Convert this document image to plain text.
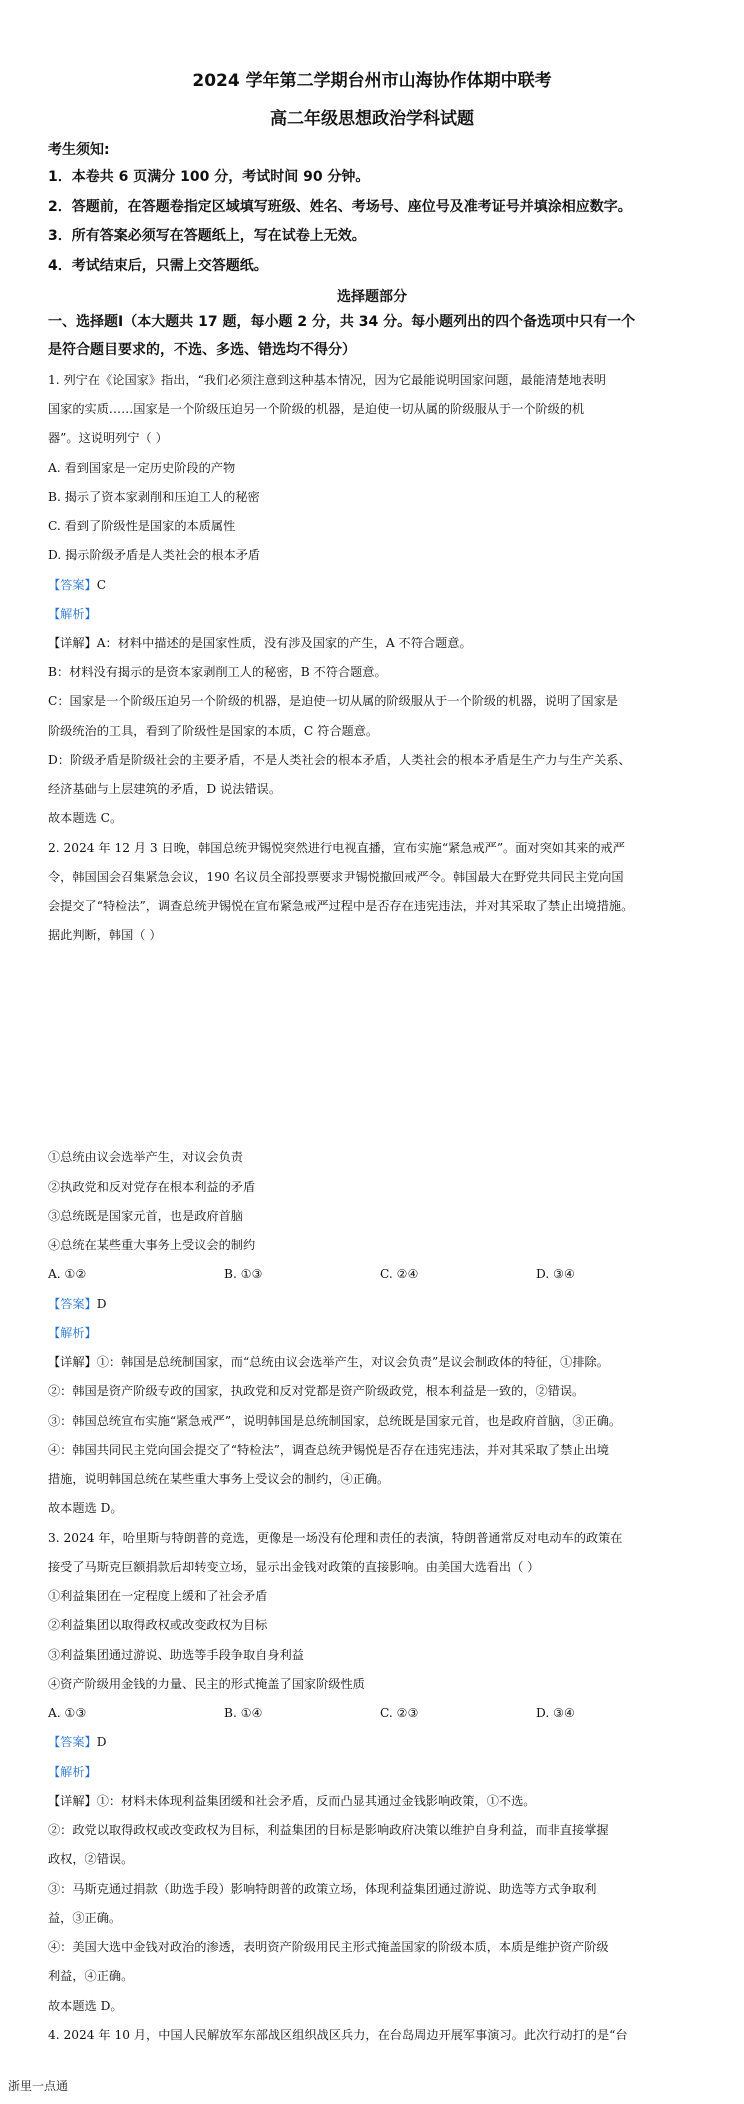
2024 学年第二学期台州市山海协作体期中联考
高二年级思想政治学科试题
考生须知:
1．本卷共 6 页满分 100 分，考试时间 90 分钟。
2．答题前，在答题卷指定区域填写班级、姓名、考场号、座位号及准考证号并填涂相应数字。
3．所有答案必须写在答题纸上，写在试卷上无效。
4．考试结束后，只需上交答题纸。
选择题部分
一、选择题Ⅰ（本大题共 17 题，每小题 2 分，共 34 分。每小题列出的四个备选项中只有一个
是符合题目要求的，不选、多选、错选均不得分）
1. 列宁在《论国家》指出，“我们必须注意到这种基本情况，因为它最能说明国家问题，最能清楚地表明
国家的实质……国家是一个阶级压迫另一个阶级的机器，是迫使一切从属的阶级服从于一个阶级的机
器”。这说明列宁（ ）
A. 看到国家是一定历史阶段的产物
B. 揭示了资本家剥削和压迫工人的秘密
C. 看到了阶级性是国家的本质属性
D. 揭示阶级矛盾是人类社会的根本矛盾
【答案】C
【解析】
【详解】A：材料中描述的是国家性质，没有涉及国家的产生，A 不符合题意。
B：材料没有揭示的是资本家剥削工人的秘密，B 不符合题意。
C：国家是一个阶级压迫另一个阶级的机器，是迫使一切从属的阶级服从于一个阶级的机器，说明了国家是
阶级统治的工具，看到了阶级性是国家的本质，C 符合题意。
D：阶级矛盾是阶级社会的主要矛盾，不是人类社会的根本矛盾，人类社会的根本矛盾是生产力与生产关系、
经济基础与上层建筑的矛盾，D 说法错误。
故本题选 C。
2. 2024 年 12 月 3 日晚，韩国总统尹锡悦突然进行电视直播，宣布实施“紧急戒严”。面对突如其来的戒严
令，韩国国会召集紧急会议，190 名议员全部投票要求尹锡悦撤回戒严令。韩国最大在野党共同民主党向国
会提交了“特检法”，调查总统尹锡悦在宣布紧急戒严过程中是否存在违宪违法，并对其采取了禁止出境措施。
据此判断，韩国（ ）
①总统由议会选举产生，对议会负责
②执政党和反对党存在根本利益的矛盾
③总统既是国家元首，也是政府首脑
④总统在某些重大事务上受议会的制约
A. ①②	B. ①③	C. ②④	D. ③④
【答案】D
【解析】
【详解】①：韩国是总统制国家，而“总统由议会选举产生，对议会负责”是议会制政体的特征，①排除。
②：韩国是资产阶级专政的国家，执政党和反对党都是资产阶级政党，根本利益是一致的，②错误。
③：韩国总统宣布实施“紧急戒严”，说明韩国是总统制国家，总统既是国家元首，也是政府首脑，③正确。
④：韩国共同民主党向国会提交了“特检法”，调查总统尹锡悦是否存在违宪违法，并对其采取了禁止出境
措施，说明韩国总统在某些重大事务上受议会的制约，④正确。
故本题选 D。
3. 2024 年，哈里斯与特朗普的竞选，更像是一场没有伦理和责任的表演，特朗普通常反对电动车的政策在
接受了马斯克巨额捐款后却转变立场，显示出金钱对政策的直接影响。由美国大选看出（ ）
①利益集团在一定程度上缓和了社会矛盾
②利益集团以取得政权或改变政权为目标
③利益集团通过游说、助选等手段争取自身利益
④资产阶级用金钱的力量、民主的形式掩盖了国家阶级性质
A. ①③	B. ①④	C. ②③	D. ③④
【答案】D
【解析】
【详解】①：材料未体现利益集团缓和社会矛盾，反而凸显其通过金钱影响政策，①不选。
②：政党以取得政权或改变政权为目标，利益集团的目标是影响政府决策以维护自身利益，而非直接掌握
政权，②错误。
③：马斯克通过捐款（助选手段）影响特朗普的政策立场，体现利益集团通过游说、助选等方式争取利
益，③正确。
④：美国大选中金钱对政治的渗透，表明资产阶级用民主形式掩盖国家的阶级本质，本质是维护资产阶级
利益，④正确。
故本题选 D。
4. 2024 年 10 月，中国人民解放军东部战区组织战区兵力，在台岛周边开展军事演习。此次行动打的是“台
浙里一点通
